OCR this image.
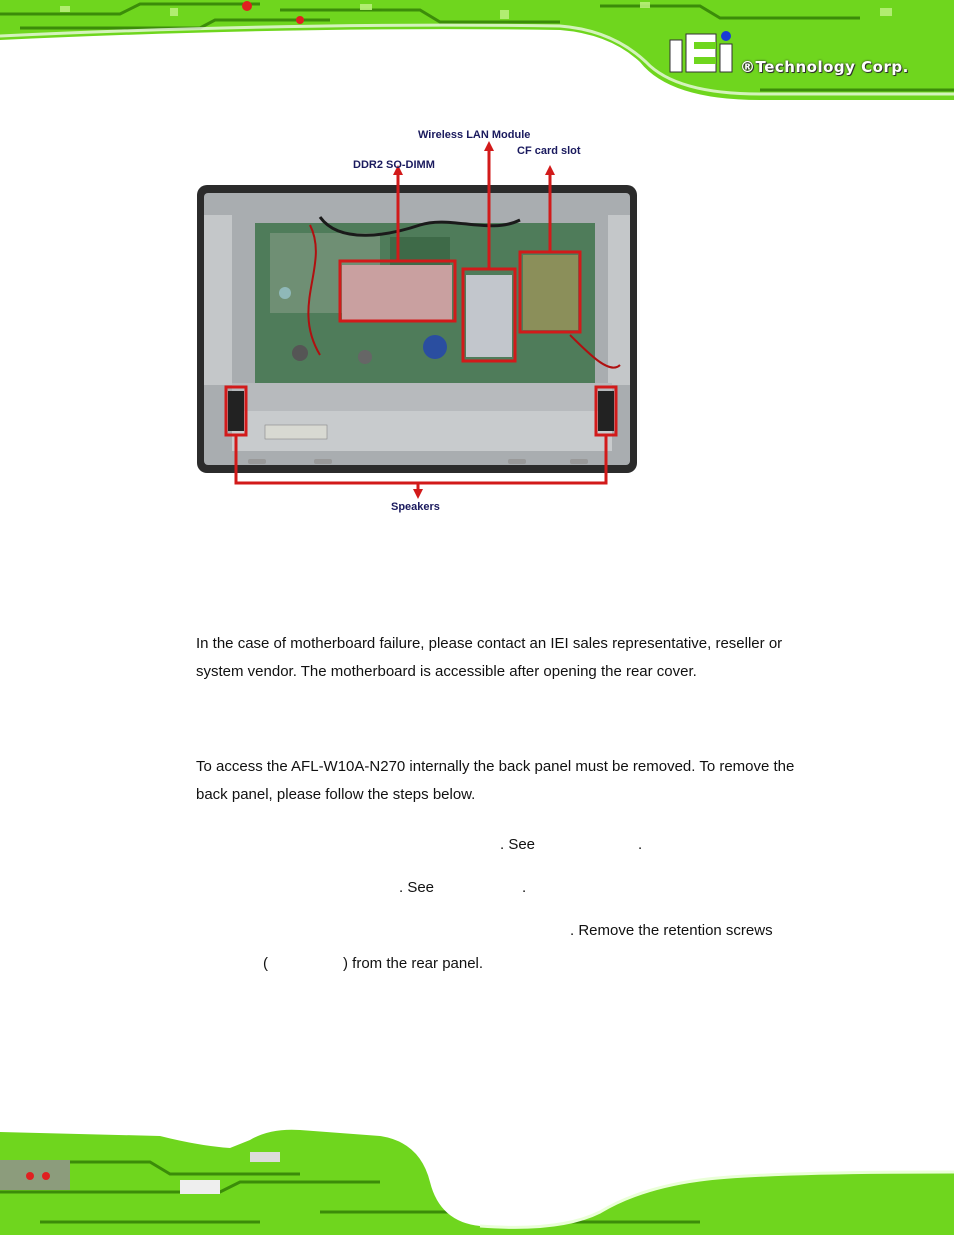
®Technology Corp.
Wireless LAN Module
CF card slot
DDR2 SO-DIMM
Speakers
In the case of motherboard failure, please contact an IEI sales representative, reseller or system vendor. The motherboard is accessible after opening the rear cover.
To access the AFL-W10A-N270 internally the back panel must be removed. To remove the back panel, please follow the steps below.
. See	.
. See	.
. Remove the retention screws
(	) from the rear panel.
